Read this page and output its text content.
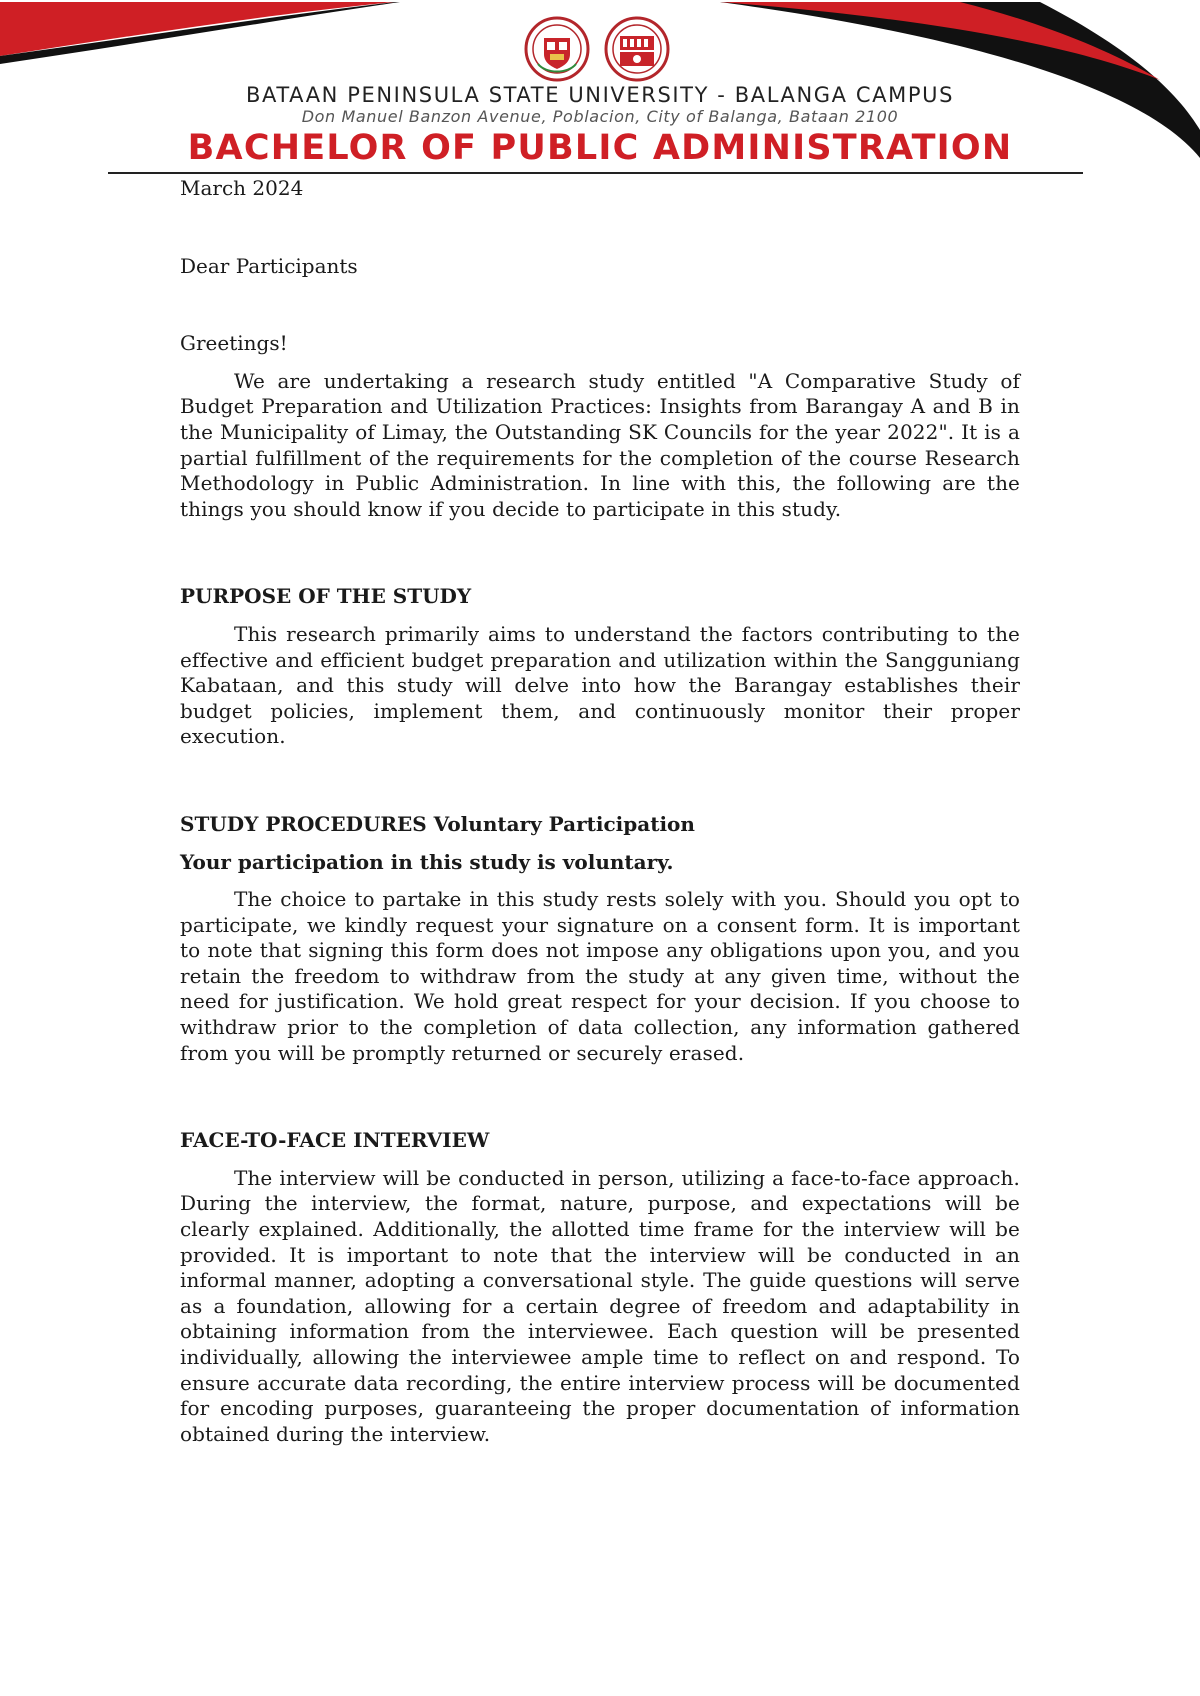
BATAAN PENINSULA STATE UNIVERSITY - BALANGA CAMPUS
Don Manuel Banzon Avenue, Poblacion, City of Balanga, Bataan 2100
BACHELOR OF PUBLIC ADMINISTRATION

March 2024

Dear Participants

Greetings!

We are undertaking a research study entitled "A Comparative Study of Budget Preparation and Utilization Practices: Insights from Barangay A and B in the Municipality of Limay, the Outstanding SK Councils for the year 2022". It is a partial fulfillment of the requirements for the completion of the course Research Methodology in Public Administration. In line with this, the following are the things you should know if you decide to participate in this study.

PURPOSE OF THE STUDY

This research primarily aims to understand the factors contributing to the effective and efficient budget preparation and utilization within the Sangguniang Kabataan, and this study will delve into how the Barangay establishes their budget policies, implement them, and continuously monitor their proper execution.

STUDY PROCEDURES Voluntary Participation

Your participation in this study is voluntary.

The choice to partake in this study rests solely with you. Should you opt to participate, we kindly request your signature on a consent form. It is important to note that signing this form does not impose any obligations upon you, and you retain the freedom to withdraw from the study at any given time, without the need for justification. We hold great respect for your decision. If you choose to withdraw prior to the completion of data collection, any information gathered from you will be promptly returned or securely erased.

FACE-TO-FACE INTERVIEW

The interview will be conducted in person, utilizing a face-to-face approach. During the interview, the format, nature, purpose, and expectations will be clearly explained. Additionally, the allotted time frame for the interview will be provided. It is important to note that the interview will be conducted in an informal manner, adopting a conversational style. The guide questions will serve as a foundation, allowing for a certain degree of freedom and adaptability in obtaining information from the interviewee. Each question will be presented individually, allowing the interviewee ample time to reflect on and respond. To ensure accurate data recording, the entire interview process will be documented for encoding purposes, guaranteeing the proper documentation of information obtained during the interview.
